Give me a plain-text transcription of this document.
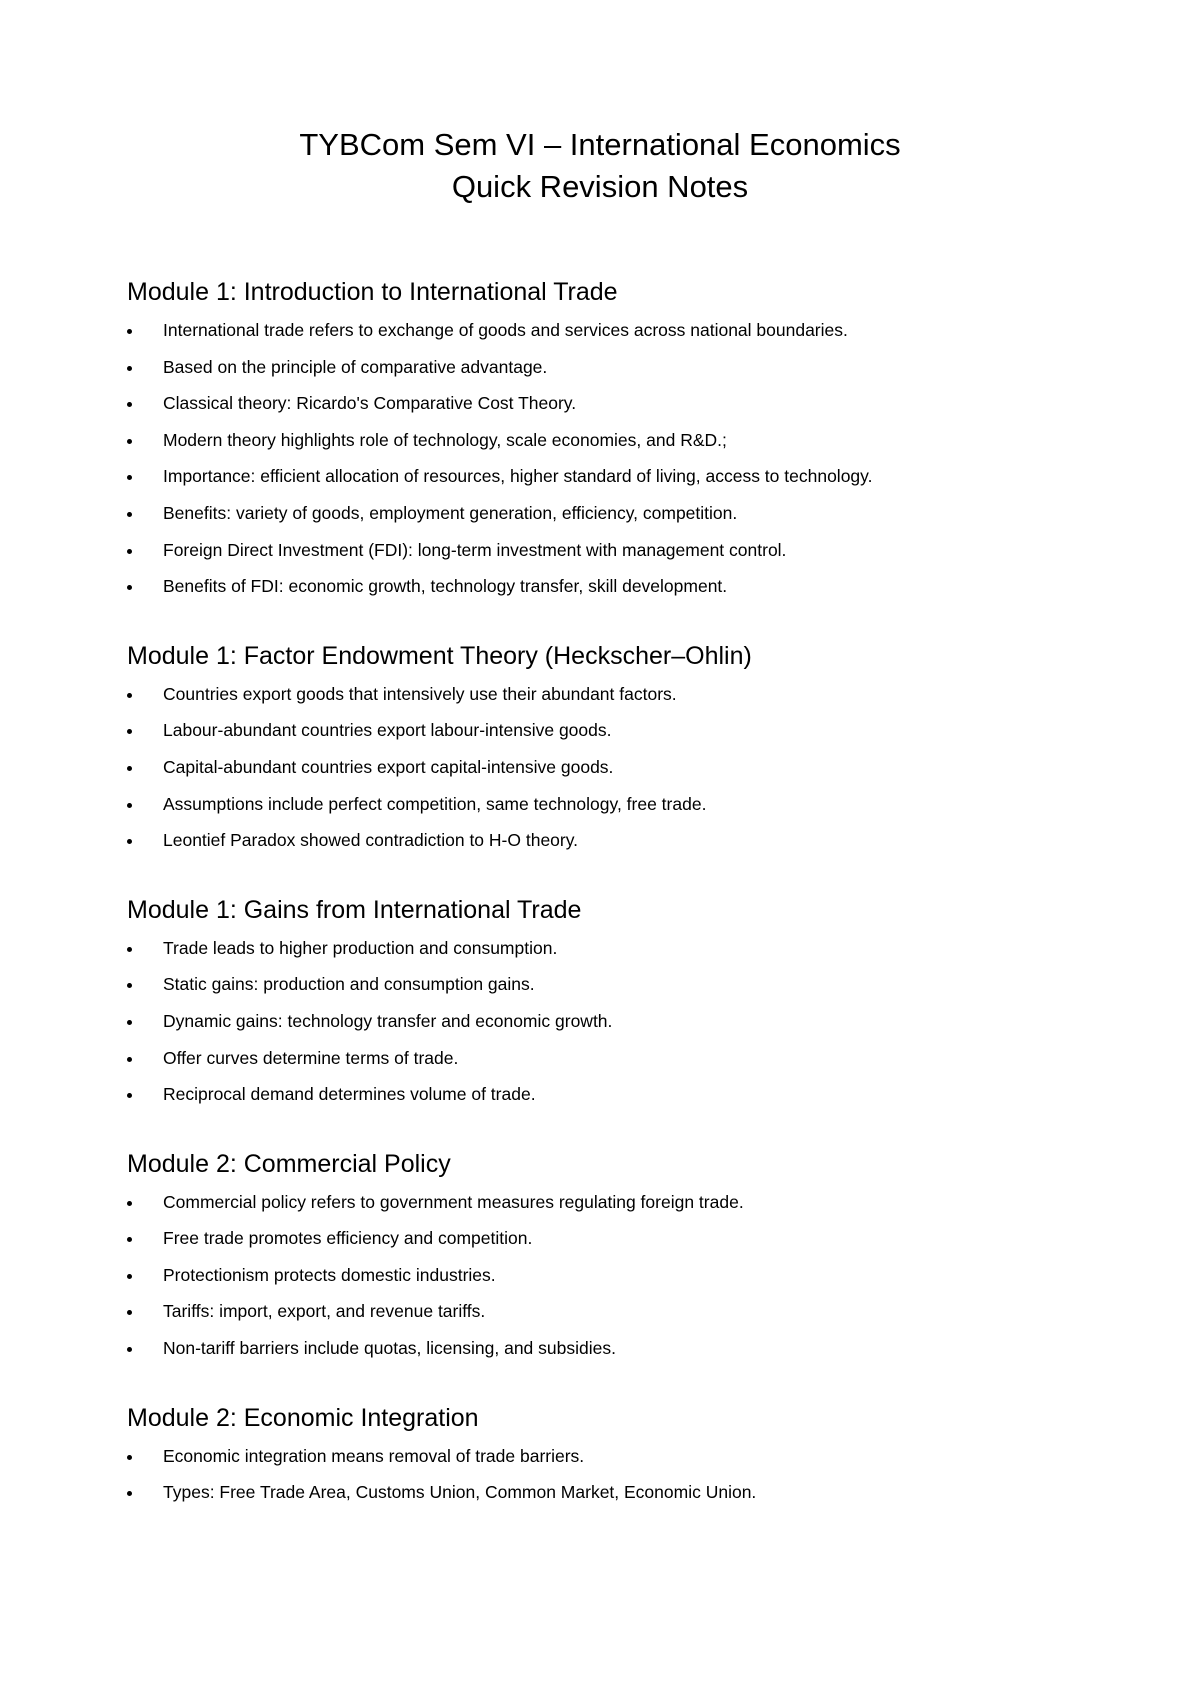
TYBCom Sem VI – International Economics

Quick Revision Notes

Module 1: Introduction to International Trade
International trade refers to exchange of goods and services across national boundaries.
Based on the principle of comparative advantage.
Classical theory: Ricardo's Comparative Cost Theory.
Modern theory highlights role of technology, scale economies, and R&D.;
Importance: efficient allocation of resources, higher standard of living, access to technology.
Benefits: variety of goods, employment generation, efficiency, competition.
Foreign Direct Investment (FDI): long-term investment with management control.
Benefits of FDI: economic growth, technology transfer, skill development.
Module 1: Factor Endowment Theory (Heckscher–Ohlin)
Countries export goods that intensively use their abundant factors.
Labour-abundant countries export labour-intensive goods.
Capital-abundant countries export capital-intensive goods.
Assumptions include perfect competition, same technology, free trade.
Leontief Paradox showed contradiction to H-O theory.
Module 1: Gains from International Trade
Trade leads to higher production and consumption.
Static gains: production and consumption gains.
Dynamic gains: technology transfer and economic growth.
Offer curves determine terms of trade.
Reciprocal demand determines volume of trade.
Module 2: Commercial Policy
Commercial policy refers to government measures regulating foreign trade.
Free trade promotes efficiency and competition.
Protectionism protects domestic industries.
Tariffs: import, export, and revenue tariffs.
Non-tariff barriers include quotas, licensing, and subsidies.
Module 2: Economic Integration
Economic integration means removal of trade barriers.
Types: Free Trade Area, Customs Union, Common Market, Economic Union.
